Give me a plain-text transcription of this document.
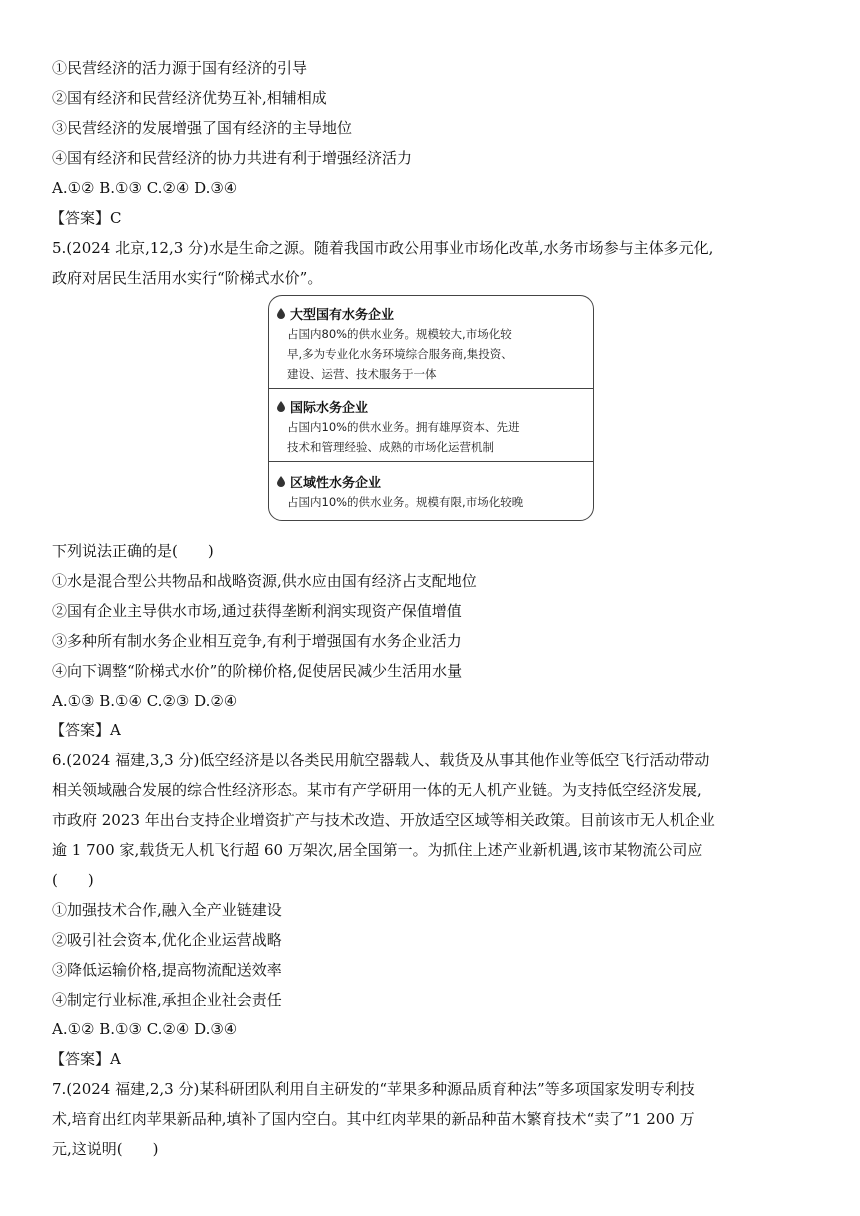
①民营经济的活力源于国有经济的引导
②国有经济和民营经济优势互补,相辅相成
③民营经济的发展增强了国有经济的主导地位
④国有经济和民营经济的协力共进有利于增强经济活力
A.①② B.①③ C.②④ D.③④
【答案】C
5.(2024 北京,12,3 分)水是生命之源。随着我国市政公用事业市场化改革,水务市场参与主体多元化,
政府对居民生活用水实行“阶梯式水价”。
大型国有水务企业
占国内80%的供水业务。规模较大,市场化较
早,多为专业化水务环境综合服务商,集投资、
建设、运营、技术服务于一体
国际水务企业
占国内10%的供水业务。拥有雄厚资本、先进
技术和管理经验、成熟的市场化运营机制
区域性水务企业
占国内10%的供水业务。规模有限,市场化较晚
下列说法正确的是(　　)
①水是混合型公共物品和战略资源,供水应由国有经济占支配地位
②国有企业主导供水市场,通过获得垄断利润实现资产保值增值
③多种所有制水务企业相互竞争,有利于增强国有水务企业活力
④向下调整“阶梯式水价”的阶梯价格,促使居民减少生活用水量
A.①③ B.①④ C.②③ D.②④
【答案】A
6.(2024 福建,3,3 分)低空经济是以各类民用航空器载人、载货及从事其他作业等低空飞行活动带动
相关领域融合发展的综合性经济形态。某市有产学研用一体的无人机产业链。为支持低空经济发展,
市政府 2023 年出台支持企业增资扩产与技术改造、开放适空区域等相关政策。目前该市无人机企业
逾 1 700 家,载货无人机飞行超 60 万架次,居全国第一。为抓住上述产业新机遇,该市某物流公司应
(　　)
①加强技术合作,融入全产业链建设
②吸引社会资本,优化企业运营战略
③降低运输价格,提高物流配送效率
④制定行业标准,承担企业社会责任
A.①② B.①③ C.②④ D.③④
【答案】A
7.(2024 福建,2,3 分)某科研团队利用自主研发的“苹果多种源品质育种法”等多项国家发明专利技
术,培育出红肉苹果新品种,填补了国内空白。其中红肉苹果的新品种苗木繁育技术“卖了”1 200 万
元,这说明(　　)
